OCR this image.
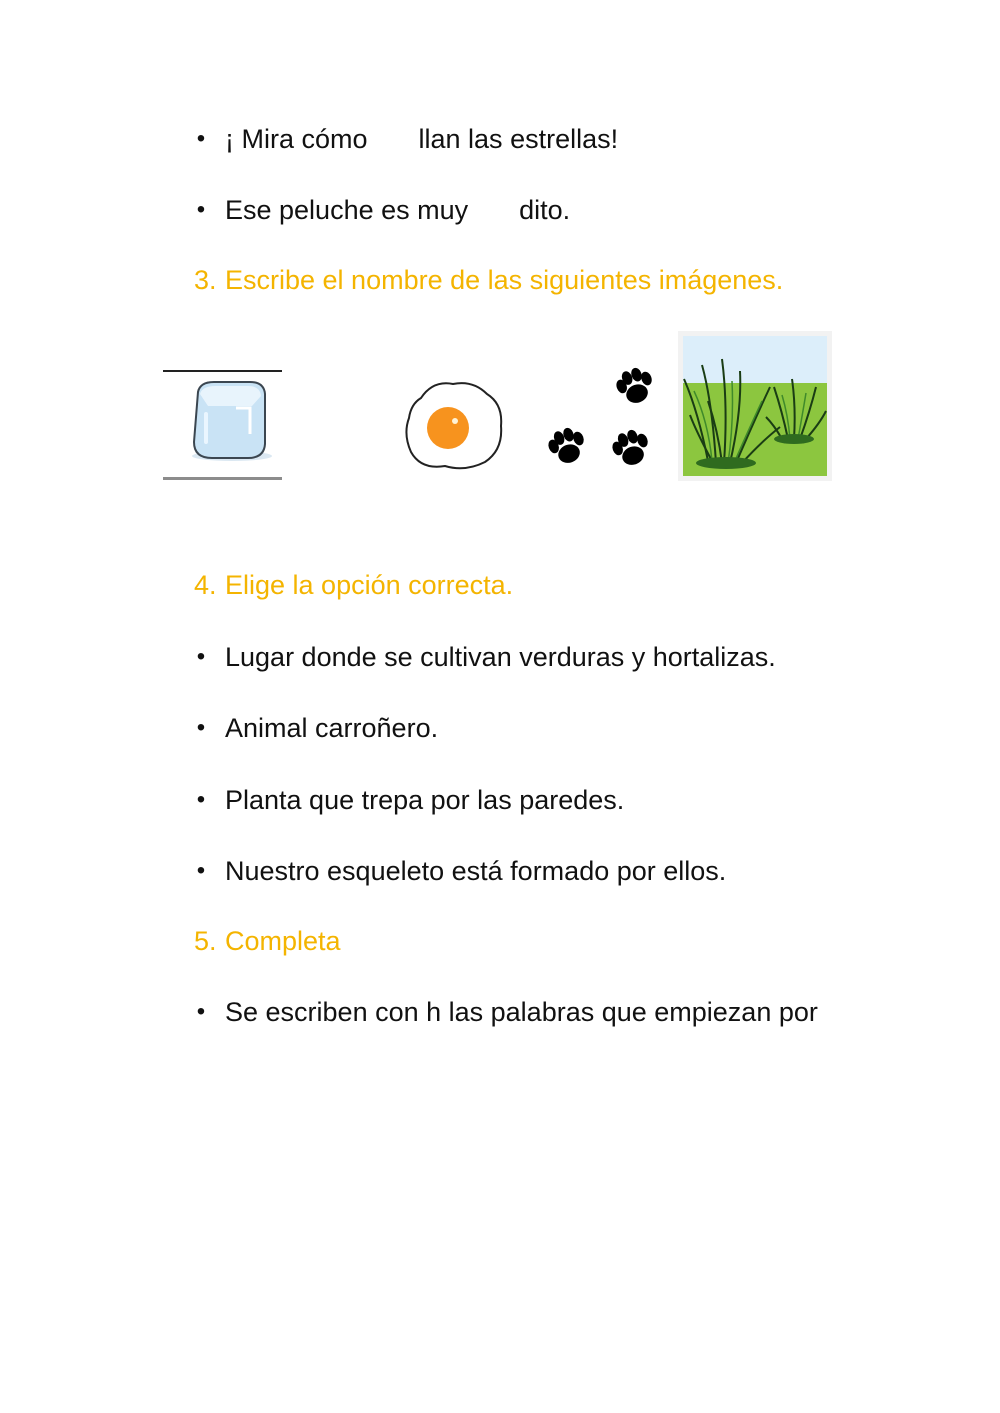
• ¡ Mira cómo llan las estrellas!
• Ese peluche es muy dito.
3. Escribe el nombre de las siguientes imágenes.
4. Elige la opción correcta.
• Lugar donde se cultivan verduras y hortalizas.
• Animal carroñero.
• Planta que trepa por las paredes.
• Nuestro esqueleto está formado por ellos.
5. Completa
• Se escriben con h las palabras que empiezan por
